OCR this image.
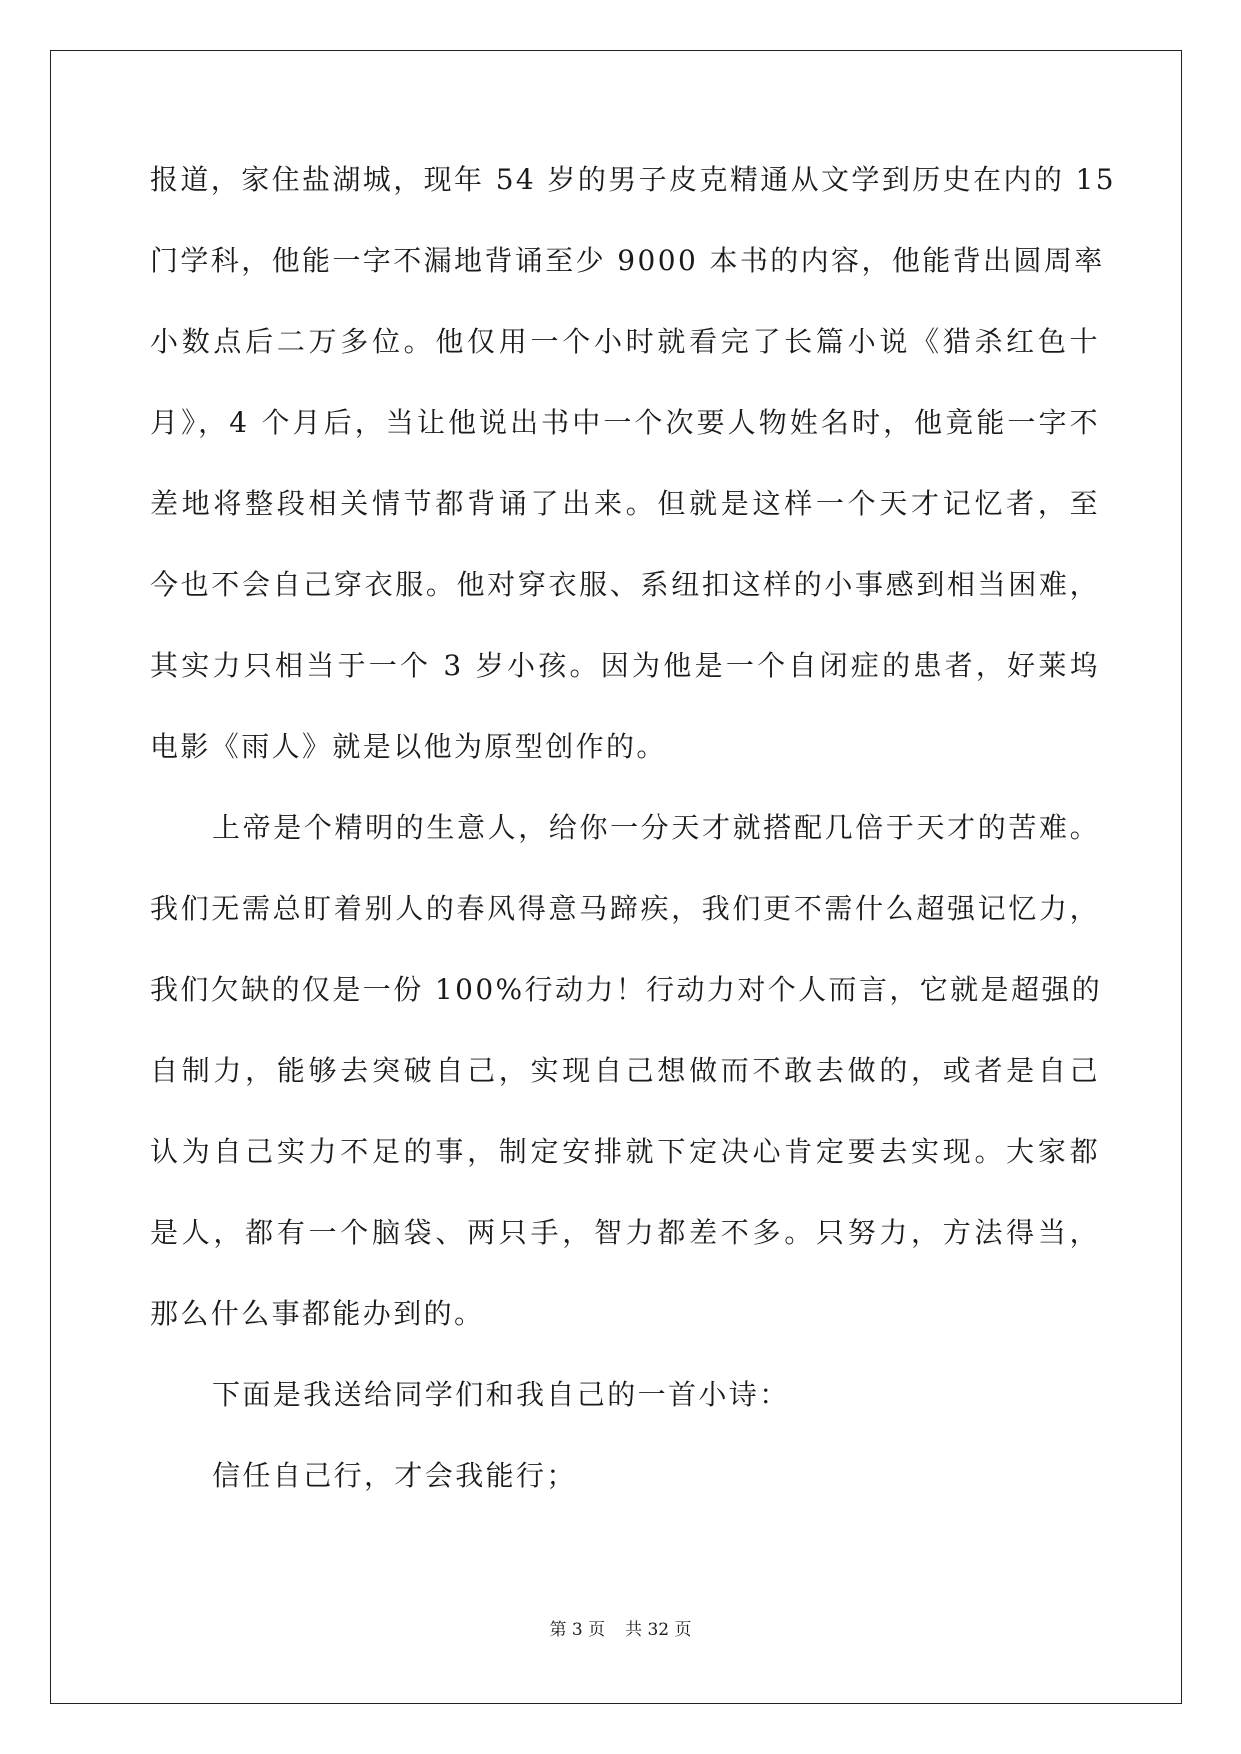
报道，家住盐湖城，现年 54 岁的男子皮克精通从文学到历史在内的 15
门学科，他能一字不漏地背诵至少 9000 本书的内容，他能背出圆周率
小数点后二万多位。他仅用一个小时就看完了长篇小说《猎杀红色十
月》，4 个月后，当让他说出书中一个次要人物姓名时，他竟能一字不
差地将整段相关情节都背诵了出来。但就是这样一个天才记忆者，至
今也不会自己穿衣服。他对穿衣服、系纽扣这样的小事感到相当困难，
其实力只相当于一个 3 岁小孩。因为他是一个自闭症的患者，好莱坞
电影《雨人》就是以他为原型创作的。
上帝是个精明的生意人，给你一分天才就搭配几倍于天才的苦难。
我们无需总盯着别人的春风得意马蹄疾，我们更不需什么超强记忆力，
我们欠缺的仅是一份 100%行动力！行动力对个人而言，它就是超强的
自制力，能够去突破自己，实现自己想做而不敢去做的，或者是自己
认为自己实力不足的事，制定安排就下定决心肯定要去实现。大家都
是人，都有一个脑袋、两只手，智力都差不多。只努力，方法得当，
那么什么事都能办到的。
下面是我送给同学们和我自己的一首小诗：
信任自己行，才会我能行；
第 3 页 共 32 页
